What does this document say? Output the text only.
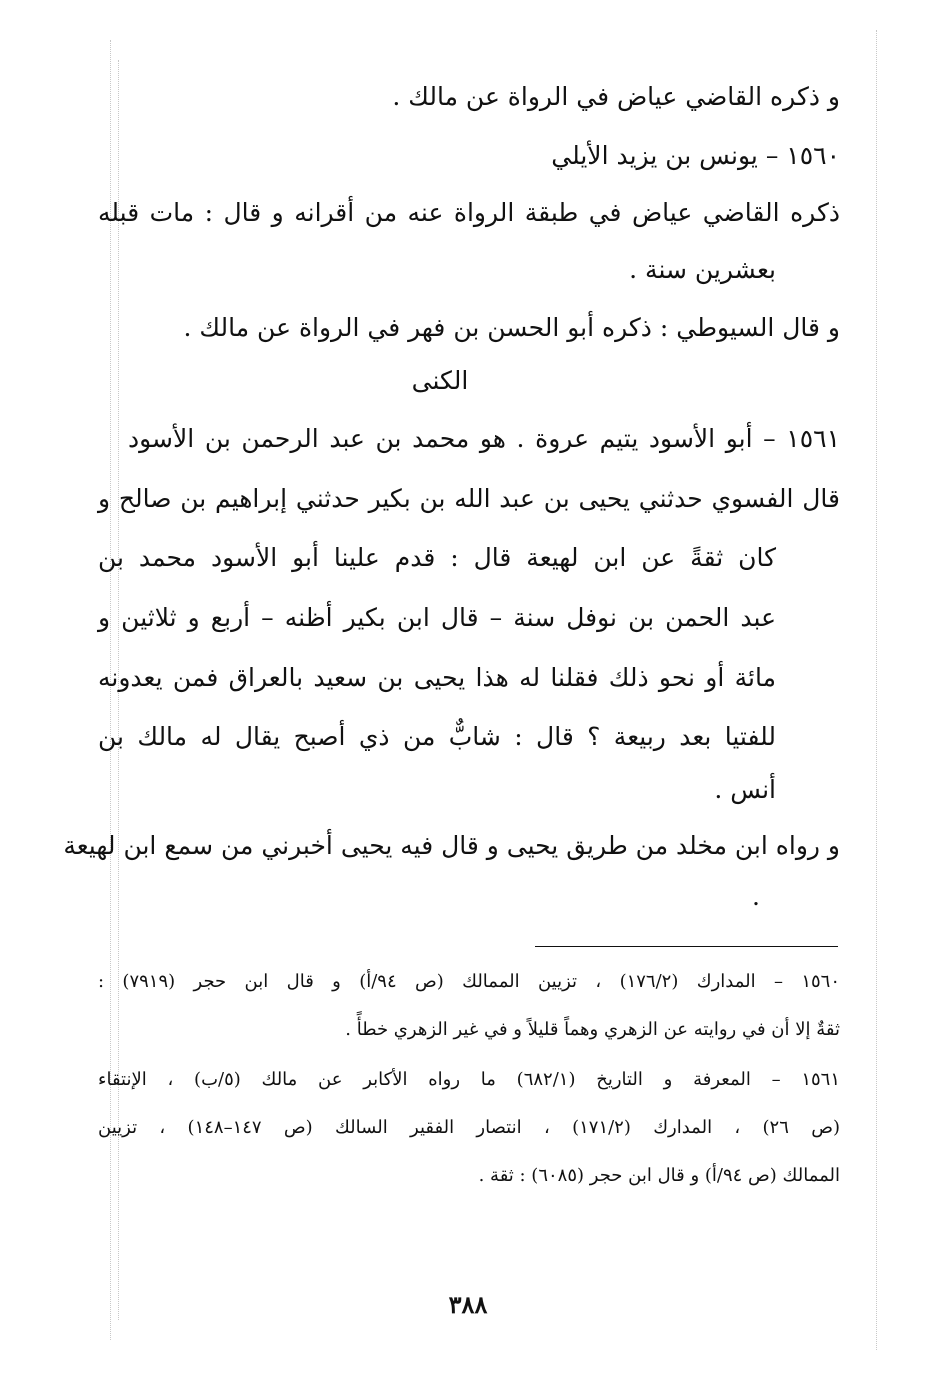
و ذكره القاضي عياض في الرواة عن مالك .
١٥٦٠ – يونس بن يزيد الأيلي
ذكره القاضي عياض في طبقة الرواة عنه من أقرانه و قال : مات قبله
بعشرين سنة .
و قال السيوطي : ذكره أبو الحسن بن فهر في الرواة عن مالك .
الكنى
١٥٦١ – أبو الأسود يتيم عروة . هو محمد بن عبد الرحمن بن الأسود
قال الفسوي حدثني يحيى بن عبد الله بن بكير حدثني إبراهيم بن صالح و
كان ثقةً عن ابن لهيعة قال : قدم علينا أبو الأسود محمد بن
عبد الحمن بن نوفل سنة – قال ابن بكير أظنه – أربع و ثلاثين و
مائة أو نحو ذلك فقلنا له هذا يحيى بن سعيد بالعراق فمن يعدونه
للفتيا بعد ربيعة ؟ قال : شابٌّ من ذي أصبح يقال له مالك بن
أنس .
و رواه ابن مخلد من طريق يحيى و قال فيه يحيى أخبرني من سمع ابن لهيعة
.
١٥٦٠ – المدارك (١٧٦/٢) ، تزيين الممالك (ص ٩٤/أ) و قال ابن حجر (٧٩١٩) :
ثقةٌ إلا أن في روايته عن الزهري وهماً قليلاً و في غير الزهري خطأً .
١٥٦١ – المعرفة و التاريخ (٦٨٢/١) ما رواه الأكابر عن مالك (٥/ب) ، الإنتقاء
(ص ٢٦) ، المدارك (١٧١/٢) ، انتصار الفقير السالك (ص ١٤٧–١٤٨) ، تزيين
الممالك (ص ٩٤/أ) و قال ابن حجر (٦٠٨٥) : ثقة .
٣٨٨
